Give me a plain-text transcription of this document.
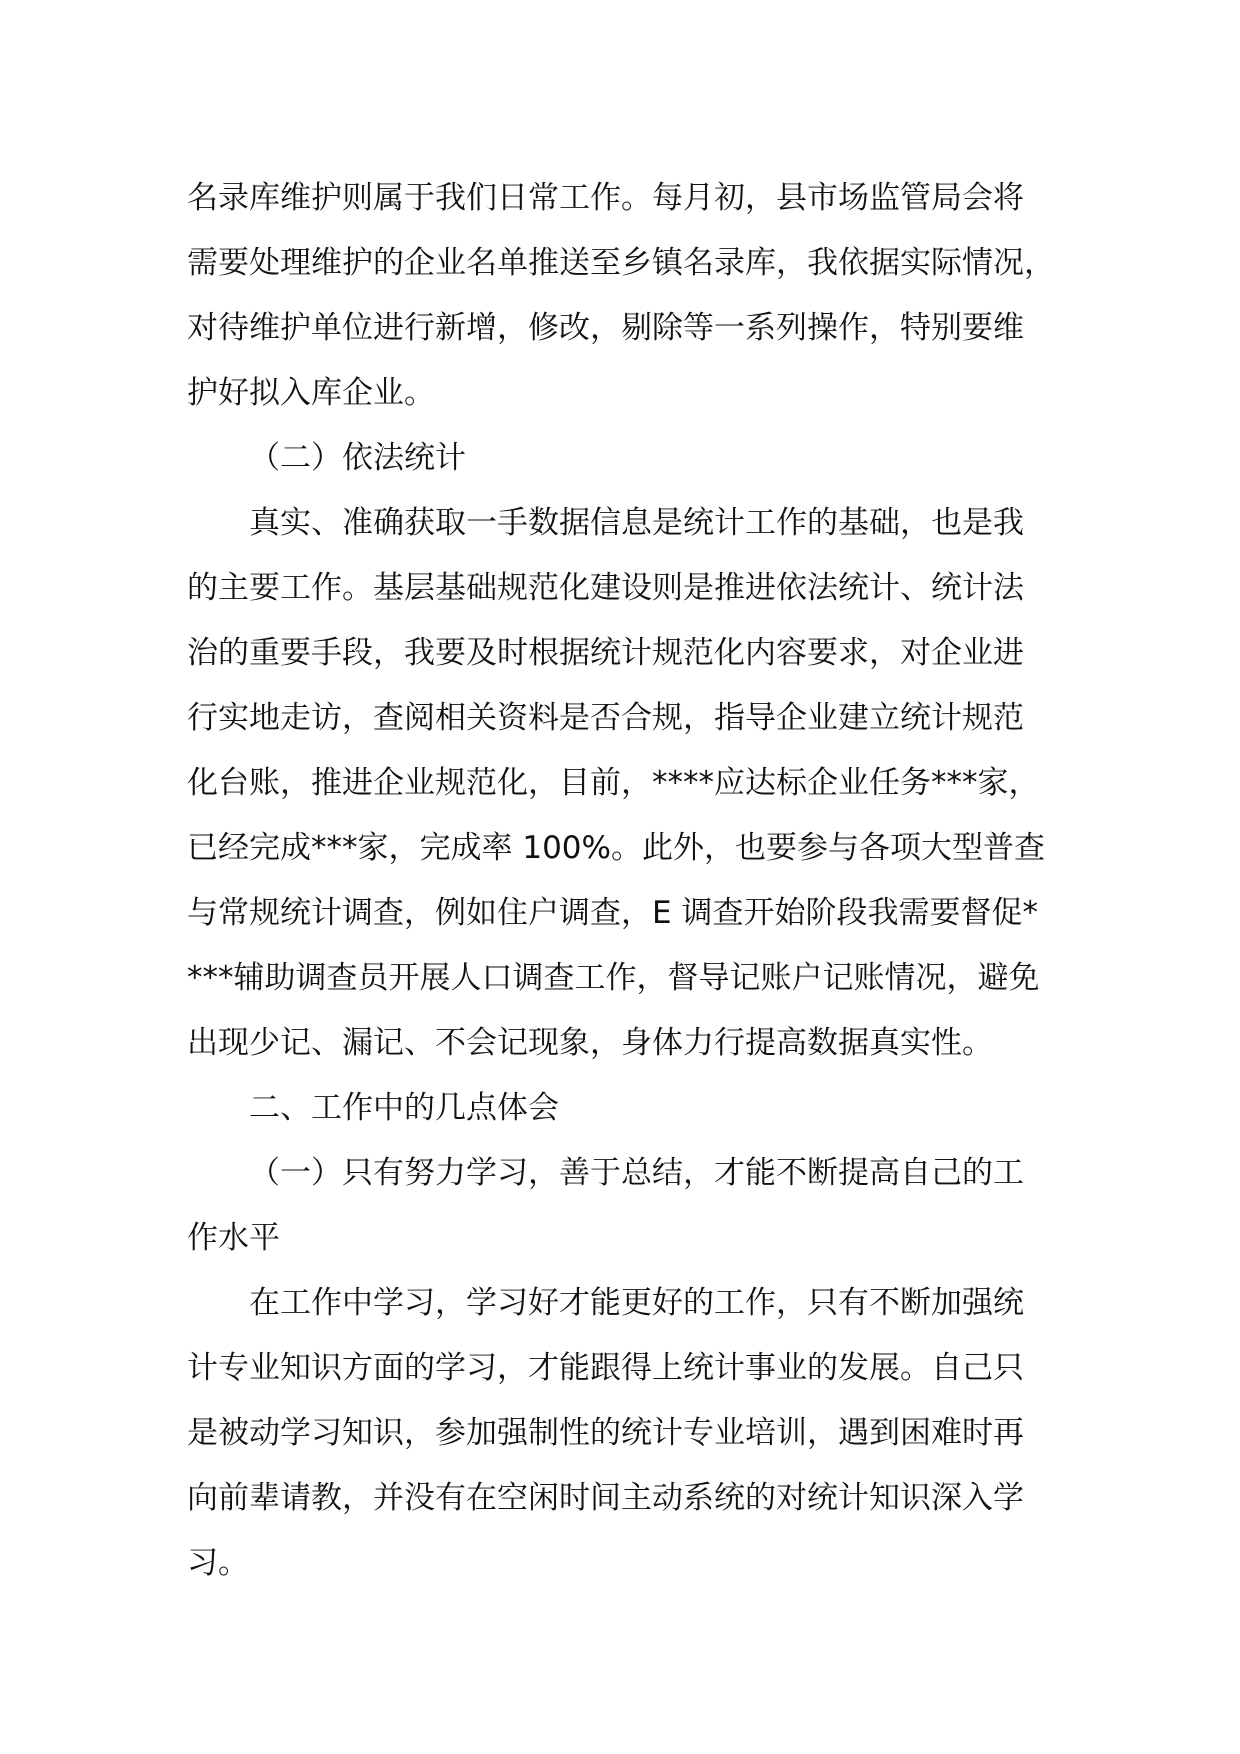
名录库维护则属于我们日常工作。每月初，县市场监管局会将
需要处理维护的企业名单推送至乡镇名录库，我依据实际情况，
对待维护单位进行新增，修改，剔除等一系列操作，特别要维
护好拟入库企业。
（二）依法统计
真实、准确获取一手数据信息是统计工作的基础，也是我
的主要工作。基层基础规范化建设则是推进依法统计、统计法
治的重要手段，我要及时根据统计规范化内容要求，对企业进
行实地走访，查阅相关资料是否合规，指导企业建立统计规范
化台账，推进企业规范化，目前，****应达标企业任务***家，
已经完成***家，完成率 100%。此外，也要参与各项大型普查
与常规统计调查，例如住户调查，E 调查开始阶段我需要督促*
***辅助调查员开展人口调查工作，督导记账户记账情况，避免
出现少记、漏记、不会记现象，身体力行提高数据真实性。
二、工作中的几点体会
（一）只有努力学习，善于总结，才能不断提高自己的工
作水平
在工作中学习，学习好才能更好的工作，只有不断加强统
计专业知识方面的学习，才能跟得上统计事业的发展。自己只
是被动学习知识，参加强制性的统计专业培训，遇到困难时再
向前辈请教，并没有在空闲时间主动系统的对统计知识深入学
习。
